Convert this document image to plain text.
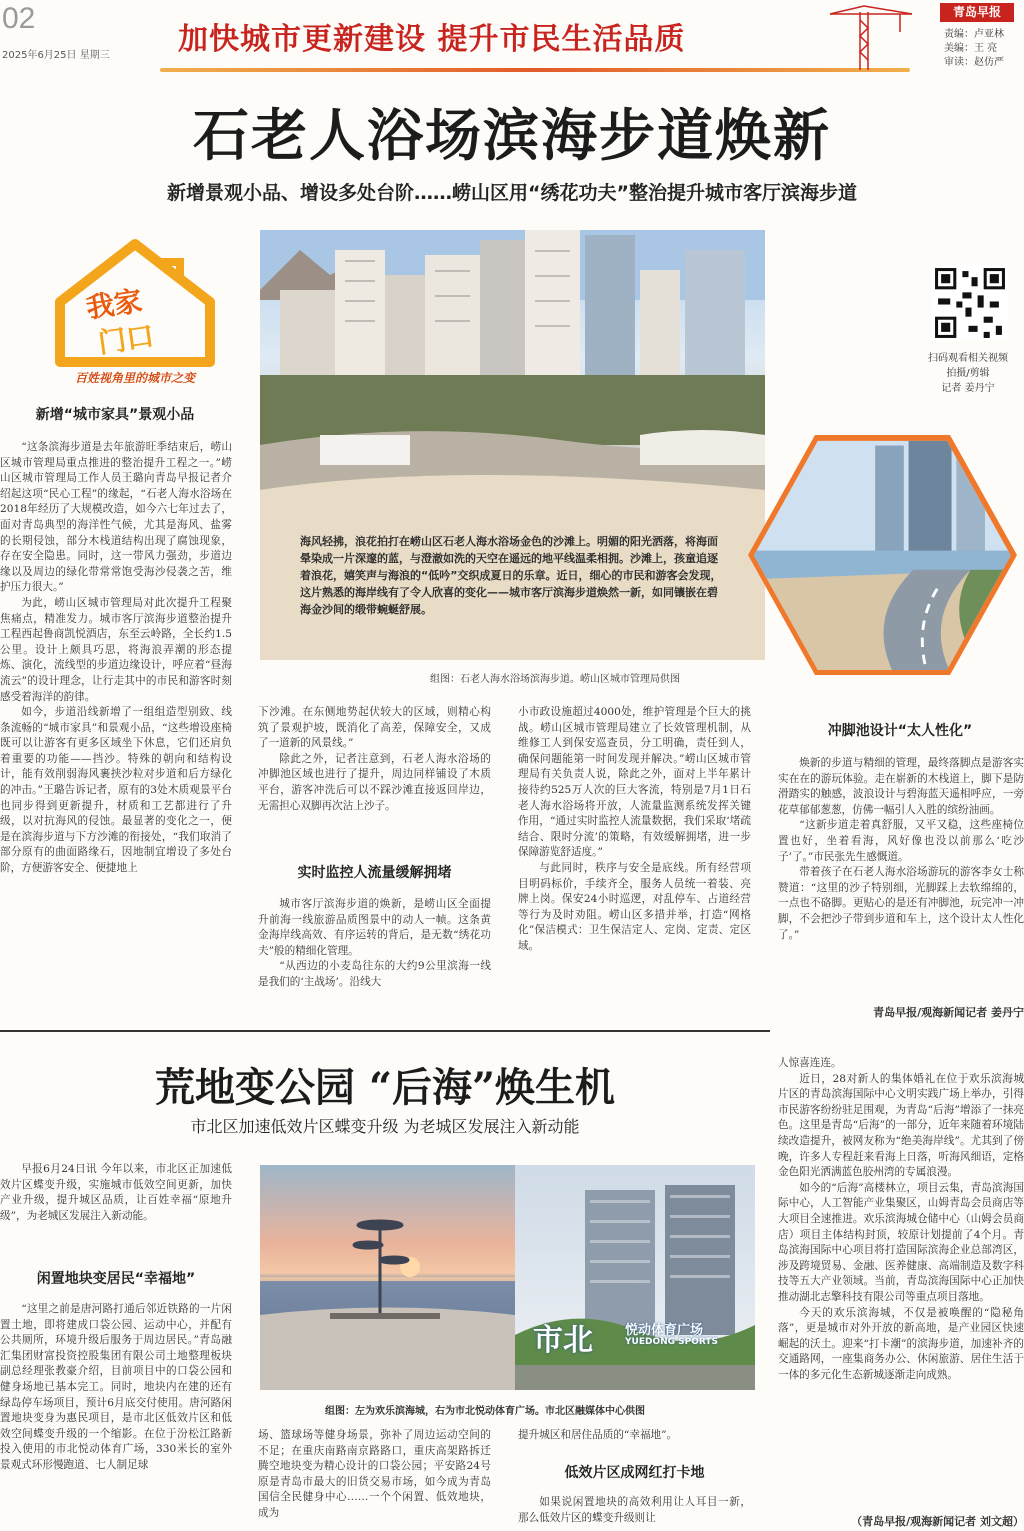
02
2025年6月25日 星期三 加快城市更新建设 提升市民生活品质
青岛早报
责编：卢亚林
美编：王 亮
审读：赵仿严
石老人浴场滨海步道焕新
新增景观小品、增设多处台阶……崂山区用“绣花功夫”整治提升城市客厅滨海步道
我家
门口
百姓视角里的城市之变
海风轻拂，浪花拍打在崂山区石老人海水浴场金色的沙滩上。明媚的阳光洒落，将海面晕染成一片深邃的蓝，与澄澈如洗的天空在遥远的地平线温柔相拥。沙滩上，孩童追逐着浪花，嬉笑声与海浪的“低吟”交织成夏日的乐章。近日，细心的市民和游客会发现，这片熟悉的海岸线有了令人欣喜的变化——城市客厅滨海步道焕然一新，如同镶嵌在碧海金沙间的缎带蜿蜒舒展。
扫码观看相关视频
拍摄/剪辑
记者 姜丹宁
组图：石老人海水浴场滨海步道。崂山区城市管理局供图
新增“城市家具”景观小品

“这条滨海步道是去年旅游旺季结束后，崂山区城市管理局重点推进的整治提升工程之一。”崂山区城市管理局工作人员王璐向青岛早报记者介绍起这项“民心工程”的缘起，“石老人海水浴场在2018年经历了大规模改造，如今六七年过去了，面对青岛典型的海洋性气候，尤其是海风、盐雾的长期侵蚀，部分木栈道结构出现了腐蚀现象，存在安全隐患。同时，这一带风力强劲，步道边缘以及周边的绿化带常常饱受海沙侵袭之苦，维护压力很大。”

为此，崂山区城市管理局对此次提升工程聚焦痛点，精准发力。城市客厅滨海步道整治提升工程西起鲁商凯悦酒店，东至云岭路，全长约1.5公里。设计上颇具巧思，将海浪弄潮的形态提炼、演化，流线型的步道边缘设计，呼应着“昼海流云”的设计理念，让行走其中的市民和游客时刻感受着海洋的韵律。

如今，步道沿线新增了一组组造型别致、线条流畅的“城市家具”和景观小品，“这些增设座椅既可以让游客有更多区域坐下休息，它们还肩负着重要的功能——挡沙。特殊的朝向和结构设计，能有效削弱海风裹挟沙粒对步道和后方绿化的冲击。”王璐告诉记者，原有的3处木质观景平台也同步得到更新提升，材质和工艺都进行了升级，以对抗海风的侵蚀。最显著的变化之一，便是在滨海步道与下方沙滩的衔接处，“我们取消了部分原有的曲面路缘石，因地制宜增设了多处台阶，方便游客安全、便捷地上

下沙滩。在东侧地势起伏较大的区域，则精心构筑了景观护坡，既消化了高差，保障安全，又成了一道新的风景线。”

除此之外，记者注意到，石老人海水浴场的冲脚池区域也进行了提升，周边同样铺设了木质平台，游客冲洗后可以不踩沙滩直接返回岸边，无需担心双脚再次沾上沙子。

实时监控人流量缓解拥堵

城市客厅滨海步道的焕新，是崂山区全面提升前海一线旅游品质图景中的动人一帧。这条黄金海岸线高效、有序运转的背后，是无数“绣花功夫”般的精细化管理。

“从西边的小麦岛往东的大约9公里滨海一线是我们的‘主战场’。沿线大

小市政设施超过4000处，维护管理是个巨大的挑战。崂山区城市管理局建立了长效管理机制，从维修工人到保安巡查员，分工明确，责任到人，确保问题能第一时间发现并解决。”崂山区城市管理局有关负责人说，除此之外，面对上半年累计接待约525万人次的巨大客流，特别是7月1日石老人海水浴场将开放，人流量监测系统发挥关键作用，“通过实时监控人流量数据，我们采取‘堵疏结合、限时分流’的策略，有效缓解拥堵，进一步保障游览舒适度。”

与此同时，秩序与安全是底线。所有经营项目明码标价，手续齐全，服务人员统一着装、亮牌上岗。保安24小时巡逻，对乱停车、占道经营等行为及时劝阻。崂山区多措并举，打造“网格化”保洁模式：卫生保洁定人、定岗、定责、定区域。

冲脚池设计“太人性化”

焕新的步道与精细的管理，最终落脚点是游客实实在在的游玩体验。走在崭新的木栈道上，脚下是防滑踏实的触感，波浪设计与碧海蓝天遥相呼应，一旁花草郁郁葱葱，仿佛一幅引人入胜的缤纷油画。

“这新步道走着真舒服，又平又稳，这些座椅位置也好，坐着看海，风好像也没以前那么‘吃沙子’了。”市民张先生感慨道。

带着孩子在石老人海水浴场游玩的游客李女士称赞道：“这里的沙子特别细，光脚踩上去软绵绵的，一点也不硌脚。更贴心的是还有冲脚池，玩完冲一冲脚，不会把沙子带到步道和车上，这个设计太人性化了。”

青岛早报/观海新闻记者 姜丹宁
荒地变公园 “后海”焕生机
市北区加速低效片区蝶变升级 为老城区发展注入新动能

早报6月24日讯 今年以来，市北区正加速低效片区蝶变升级，实施城市低效空间更新，加快产业升级，提升城区品质，让百姓幸福“原地升级”，为老城区发展注入新动能。

闲置地块变居民“幸福地”

“这里之前是唐河路打通后邻近铁路的一片闲置土地，即将建成口袋公园、运动中心，并配有公共厕所，环境升级后服务于周边居民。”青岛融汇集团财富投资控股集团有限公司土地整理板块副总经理张教豪介绍，目前项目中的口袋公园和健身场地已基本完工。同时，地块内在建的还有绿岛停车场项目，预计6月底交付使用。唐河路闲置地块变身为惠民项目，是市北区低效片区和低效空间蝶变升级的一个缩影。在位于汾松江路新投入使用的市北悦动体育广场，330米长的室外景观式环形慢跑道、七人制足球

市北 悦动体育广场
YUEDONG SPORTS
组图：左为欢乐滨海城，右为市北悦动体育广场。市北区融媒体中心供图

场、篮球场等健身场景，弥补了周边运动空间的不足；在重庆南路南京路路口，重庆高架路拆迁腾空地块变为精心设计的口袋公园；平安路24号原是青岛市最大的旧货交易市场，如今成为青岛国信全民健身中心……一个个闲置、低效地块，成为

提升城区和居住品质的“幸福地”。

低效片区成网红打卡地

如果说闲置地块的高效利用让人耳目一新，那么低效片区的蝶变升级则让

人惊喜连连。

近日，28对新人的集体婚礼在位于欢乐滨海城片区的青岛滨海国际中心文明实践广场上举办，引得市民游客纷纷驻足围观，为青岛“后海”增添了一抹亮色。这里是青岛“后海”的一部分，近年来随着环境陆续改造提升，被网友称为“绝美海岸线”。尤其到了傍晚，许多人专程赶来看海上日落，听海风细语，定格金色阳光洒满蓝色胶州湾的专属浪漫。

如今的“后海”高楼林立，项目云集，青岛滨海国际中心，人工智能产业集聚区，山姆青岛会员商店等大项目全速推进。欢乐滨海城仓储中心（山姆会员商店）项目主体结构封顶，较原计划提前了4个月。青岛滨海国际中心项目将打造国际滨海企业总部湾区，涉及跨境贸易、金融、医养健康、高端制造及数字科技等五大产业领域。当前，青岛滨海国际中心正加快推动湖北志擎科技有限公司等重点项目落地。

今天的欢乐滨海城，不仅是被唤醒的“隐秘角落”，更是城市对外开放的新高地，是产业园区快速崛起的沃土。迎来“打卡潮”的滨海步道，加速补齐的交通路网，一座集商务办公、休闲旅游、居住生活于一体的多元化生态新城逐渐走向成熟。

（青岛早报/观海新闻记者 刘文超）
